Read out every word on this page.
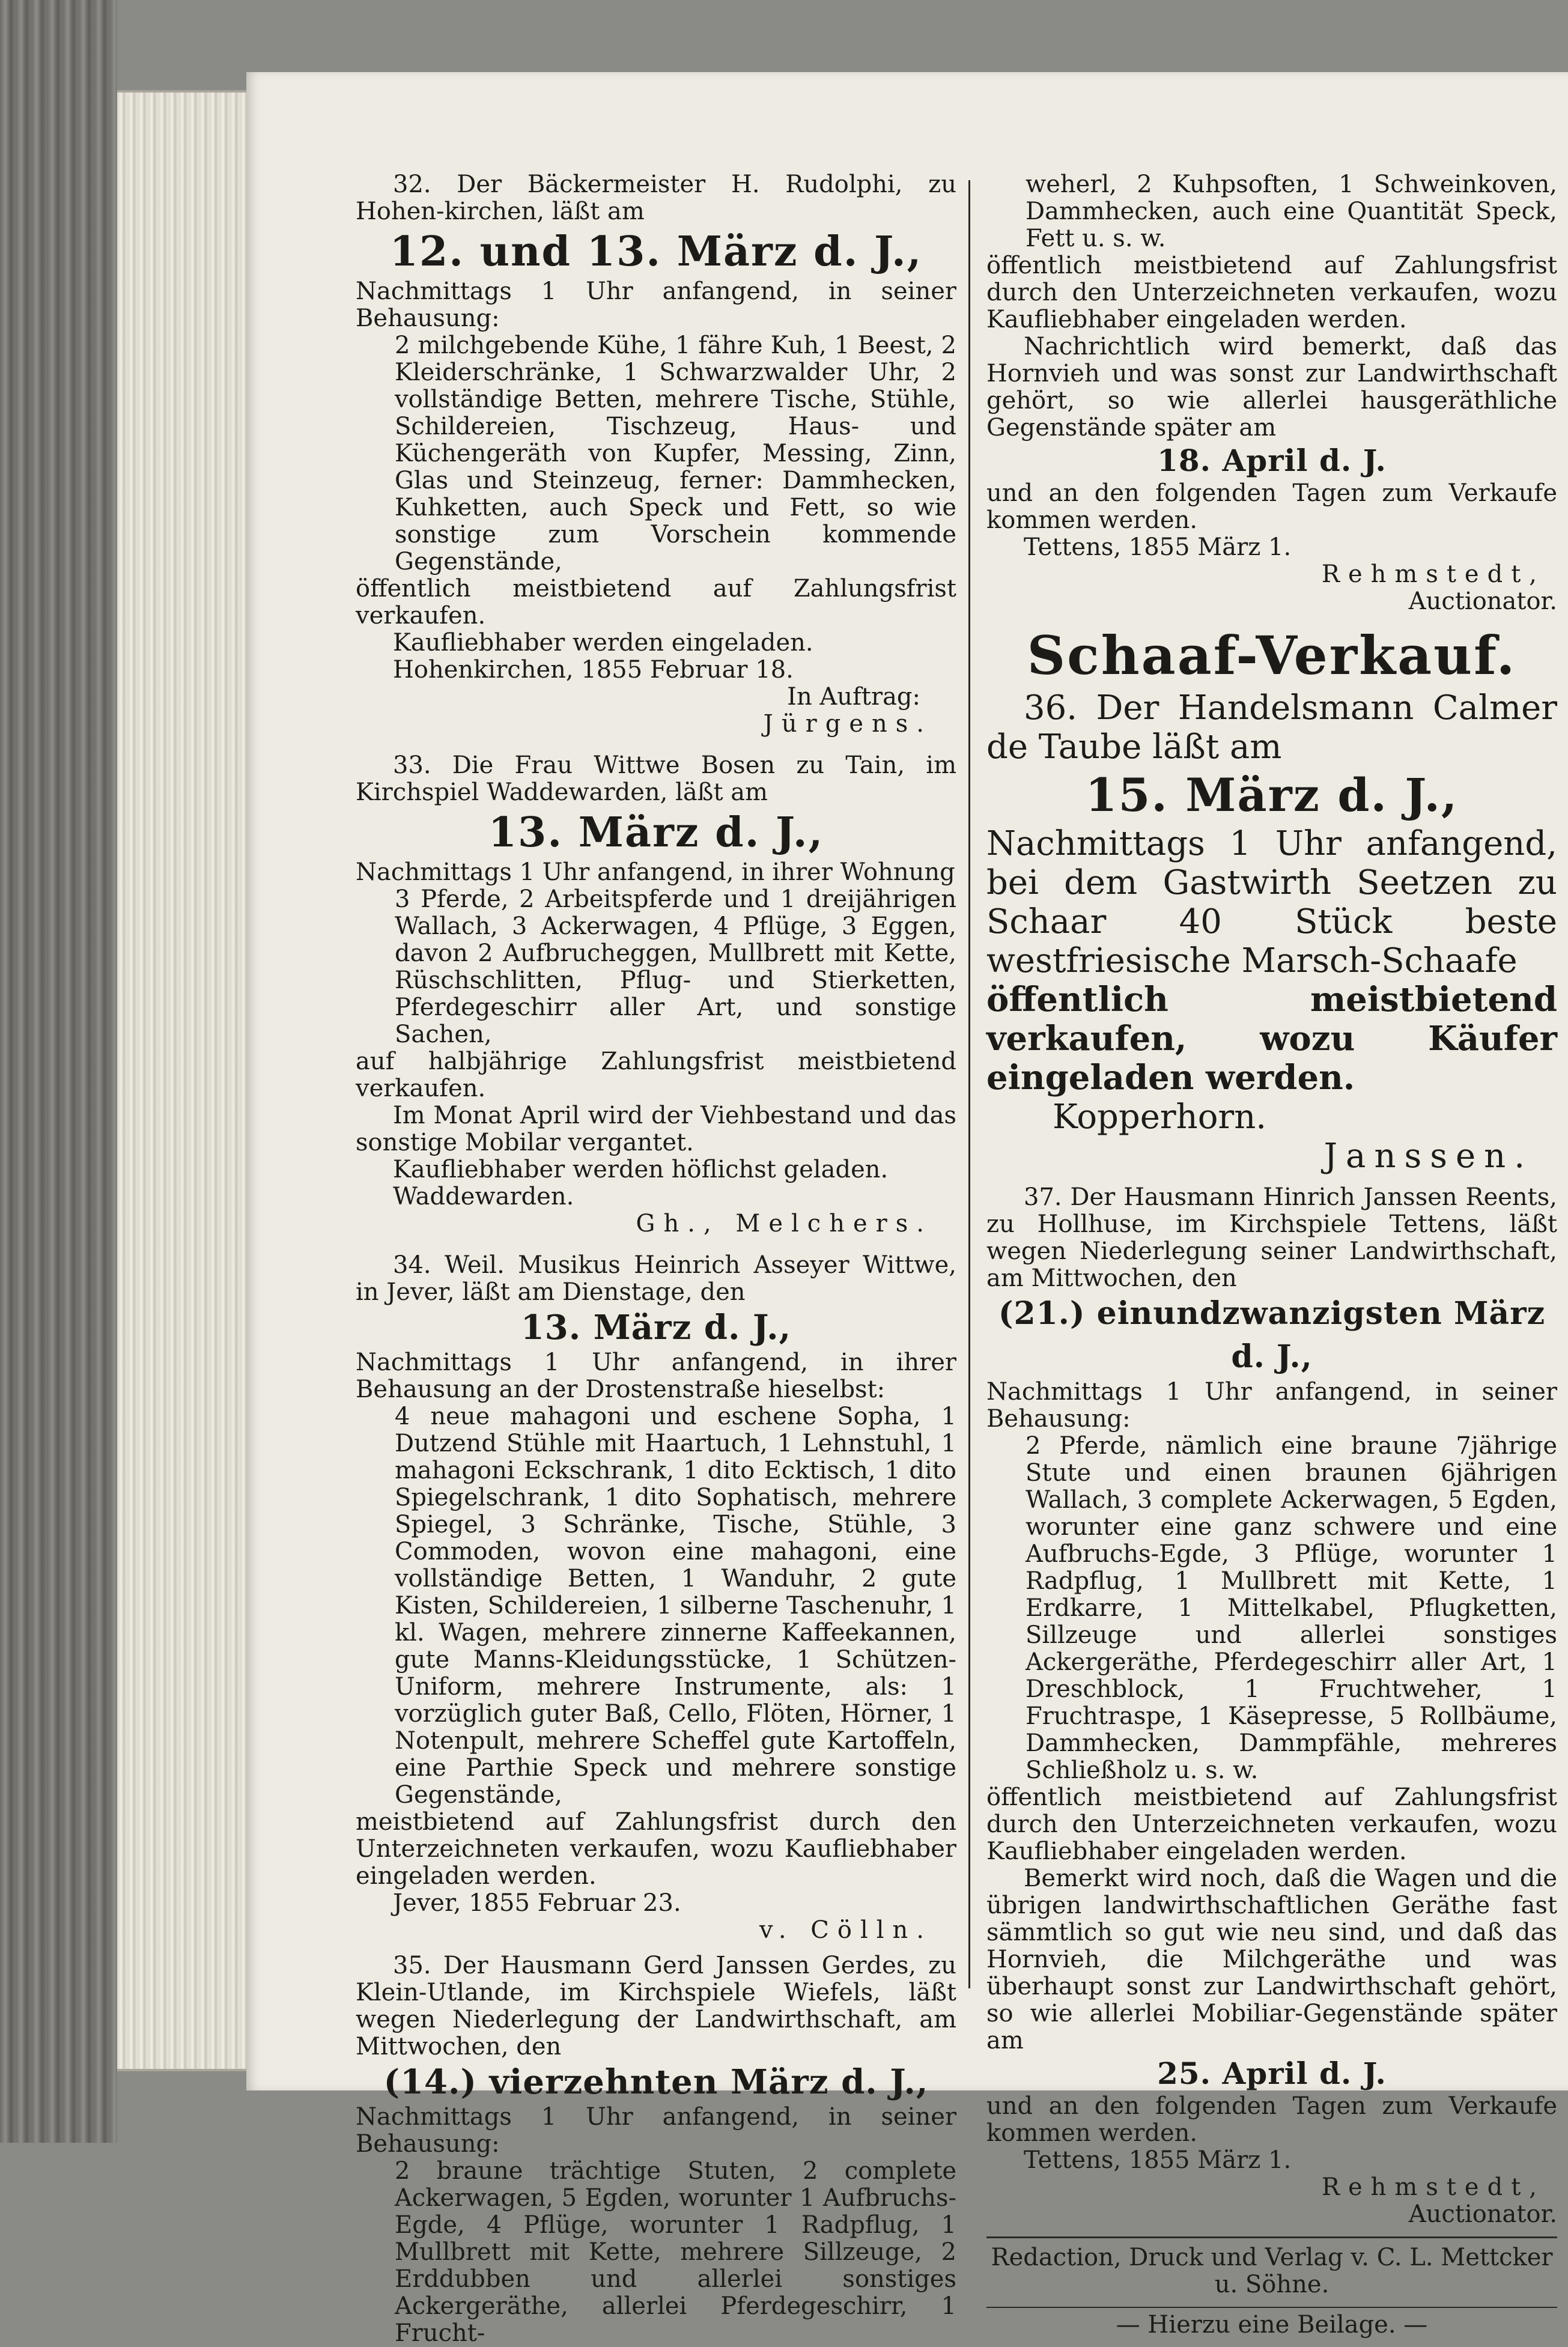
32. Der Bäckermeister H. Rudolphi, zu Hohen-kirchen, läßt am

12. und 13. März d. J.,

Nachmittags 1 Uhr anfangend, in seiner Behausung:

2 milchgebende Kühe, 1 fähre Kuh, 1 Beest, 2 Kleiderschränke, 1 Schwarzwalder Uhr, 2 vollständige Betten, mehrere Tische, Stühle, Schildereien, Tischzeug, Haus- und Küchengeräth von Kupfer, Messing, Zinn, Glas und Steinzeug, ferner: Dammhecken, Kuhketten, auch Speck und Fett, so wie sonstige zum Vorschein kommende Gegenstände,

öffentlich meistbietend auf Zahlungsfrist verkaufen.

Kaufliebhaber werden eingeladen.

Hohenkirchen, 1855 Februar 18.

In Auftrag:

Jürgens.

33. Die Frau Wittwe Bosen zu Tain, im Kirchspiel Waddewarden, läßt am

13. März d. J.,

Nachmittags 1 Uhr anfangend, in ihrer Wohnung

3 Pferde, 2 Arbeitspferde und 1 dreijährigen Wallach, 3 Ackerwagen, 4 Pflüge, 3 Eggen, davon 2 Aufbrucheggen, Mullbrett mit Kette, Rüschschlitten, Pflug- und Stierketten, Pferdegeschirr aller Art, und sonstige Sachen,

auf halbjährige Zahlungsfrist meistbietend verkaufen.

Im Monat April wird der Viehbestand und das sonstige Mobilar vergantet.

Kaufliebhaber werden höflichst geladen.

Waddewarden.

Gh., Melchers.

34. Weil. Musikus Heinrich Asseyer Wittwe, in Jever, läßt am Dienstage, den

13. März d. J.,

Nachmittags 1 Uhr anfangend, in ihrer Behausung an der Drostenstraße hieselbst:

4 neue mahagoni und eschene Sopha, 1 Dutzend Stühle mit Haartuch, 1 Lehnstuhl, 1 mahagoni Eckschrank, 1 dito Ecktisch, 1 dito Spiegelschrank, 1 dito Sophatisch, mehrere Spiegel, 3 Schränke, Tische, Stühle, 3 Commoden, wovon eine mahagoni, eine vollständige Betten, 1 Wanduhr, 2 gute Kisten, Schildereien, 1 silberne Taschenuhr, 1 kl. Wagen, mehrere zinnerne Kaffeekannen, gute Manns-Kleidungsstücke, 1 Schützen-Uniform, mehrere Instrumente, als: 1 vorzüglich guter Baß, Cello, Flöten, Hörner, 1 Notenpult, mehrere Scheffel gute Kartoffeln, eine Parthie Speck und mehrere sonstige Gegenstände,

meistbietend auf Zahlungsfrist durch den Unterzeichneten verkaufen, wozu Kaufliebhaber eingeladen werden.

Jever, 1855 Februar 23.

v. Cölln.

35. Der Hausmann Gerd Janssen Gerdes, zu Klein-Utlande, im Kirchspiele Wiefels, läßt wegen Niederlegung der Landwirthschaft, am Mittwochen, den

(14.) vierzehnten März d. J.,

Nachmittags 1 Uhr anfangend, in seiner Behausung:

2 braune trächtige Stuten, 2 complete Ackerwagen, 5 Egden, worunter 1 Aufbruchs-Egde, 4 Pflüge, worunter 1 Radpflug, 1 Mullbrett mit Kette, mehrere Sillzeuge, 2 Erddubben und allerlei sonstiges Ackergeräthe, allerlei Pferdegeschirr, 1 Frucht-

weherl, 2 Kuhpsoften, 1 Schweinkoven, Dammhecken, auch eine Quantität Speck, Fett u. s. w.

öffentlich meistbietend auf Zahlungsfrist durch den Unterzeichneten verkaufen, wozu Kaufliebhaber eingeladen werden.

Nachrichtlich wird bemerkt, daß das Hornvieh und was sonst zur Landwirthschaft gehört, so wie allerlei hausgeräthliche Gegenstände später am

18. April d. J.

und an den folgenden Tagen zum Verkaufe kommen werden.

Tettens, 1855 März 1.

Rehmstedt,

Auctionator.

Schaaf-Verkauf.

36. Der Handelsmann Calmer de Taube läßt am

15. März d. J.,

Nachmittags 1 Uhr anfangend, bei dem Gastwirth Seetzen zu Schaar 40 Stück beste westfriesische Marsch-Schaafe

öffentlich meistbietend verkaufen, wozu Käufer eingeladen werden.

Kopperhorn.

Janssen.

37. Der Hausmann Hinrich Janssen Reents, zu Hollhuse, im Kirchspiele Tettens, läßt wegen Niederlegung seiner Landwirthschaft, am Mittwochen, den

(21.) einundzwanzigsten März d. J.,

Nachmittags 1 Uhr anfangend, in seiner Behausung:

2 Pferde, nämlich eine braune 7jährige Stute und einen braunen 6jährigen Wallach, 3 complete Ackerwagen, 5 Egden, worunter eine ganz schwere und eine Aufbruchs-Egde, 3 Pflüge, worunter 1 Radpflug, 1 Mullbrett mit Kette, 1 Erdkarre, 1 Mittelkabel, Pflugketten, Sillzeuge und allerlei sonstiges Ackergeräthe, Pferdegeschirr aller Art, 1 Dreschblock, 1 Fruchtweher, 1 Fruchtraspe, 1 Käsepresse, 5 Rollbäume, Dammhecken, Dammpfähle, mehreres Schließholz u. s. w.

öffentlich meistbietend auf Zahlungsfrist durch den Unterzeichneten verkaufen, wozu Kaufliebhaber eingeladen werden.

Bemerkt wird noch, daß die Wagen und die übrigen landwirthschaftlichen Geräthe fast sämmtlich so gut wie neu sind, und daß das Hornvieh, die Milchgeräthe und was überhaupt sonst zur Landwirthschaft gehört, so wie allerlei Mobiliar-Gegenstände später am

25. April d. J.

und an den folgenden Tagen zum Verkaufe kommen werden.

Tettens, 1855 März 1.

Rehmstedt,

Auctionator.

Redaction, Druck und Verlag v. C. L. Mettcker u. Söhne.

— Hierzu eine Beilage. —
